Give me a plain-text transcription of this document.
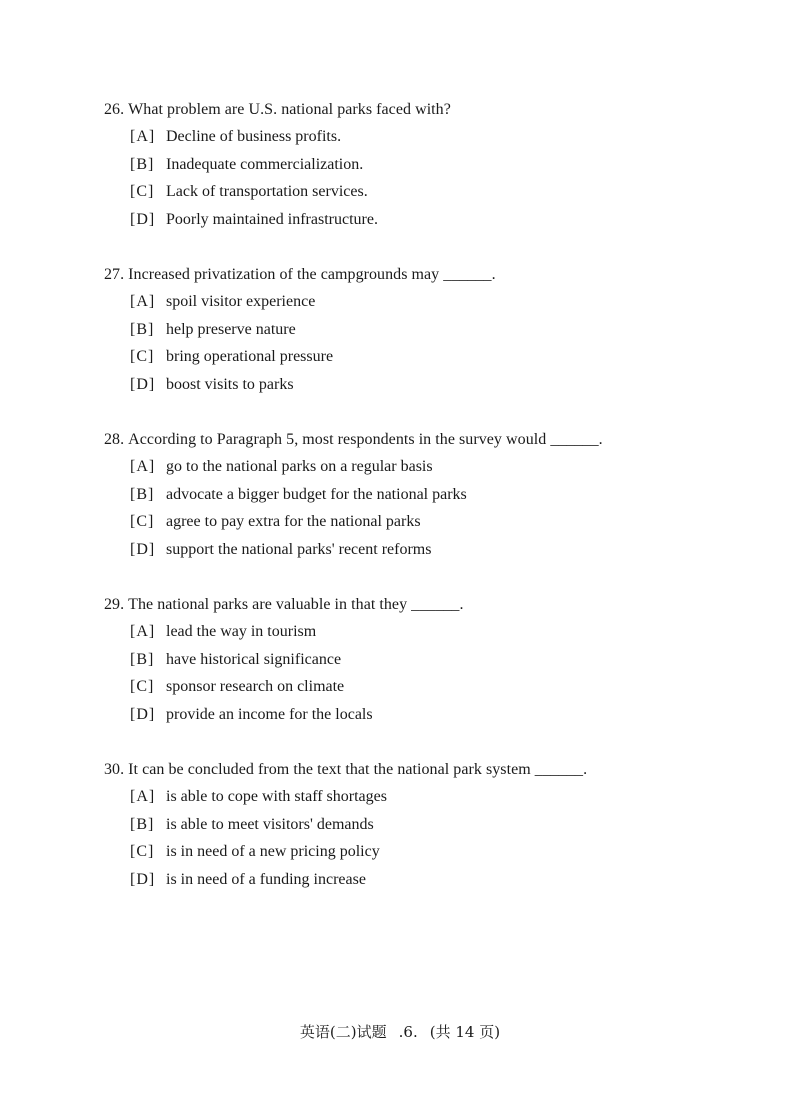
26. What problem are U.S. national parks faced with?
[A] Decline of business profits.
[B] Inadequate commercialization.
[C] Lack of transportation services.
[D] Poorly maintained infrastructure.
27. Increased privatization of the campgrounds may ______.
[A] spoil visitor experience
[B] help preserve nature
[C] bring operational pressure
[D] boost visits to parks
28. According to Paragraph 5, most respondents in the survey would ______.
[A] go to the national parks on a regular basis
[B] advocate a bigger budget for the national parks
[C] agree to pay extra for the national parks
[D] support the national parks' recent reforms
29. The national parks are valuable in that they ______.
[A] lead the way in tourism
[B] have historical significance
[C] sponsor research on climate
[D] provide an income for the locals
30. It can be concluded from the text that the national park system ______.
[A] is able to cope with staff shortages
[B] is able to meet visitors' demands
[C] is in need of a new pricing policy
[D] is in need of a funding increase
英语(二)试题 .6. (共 14 页)
